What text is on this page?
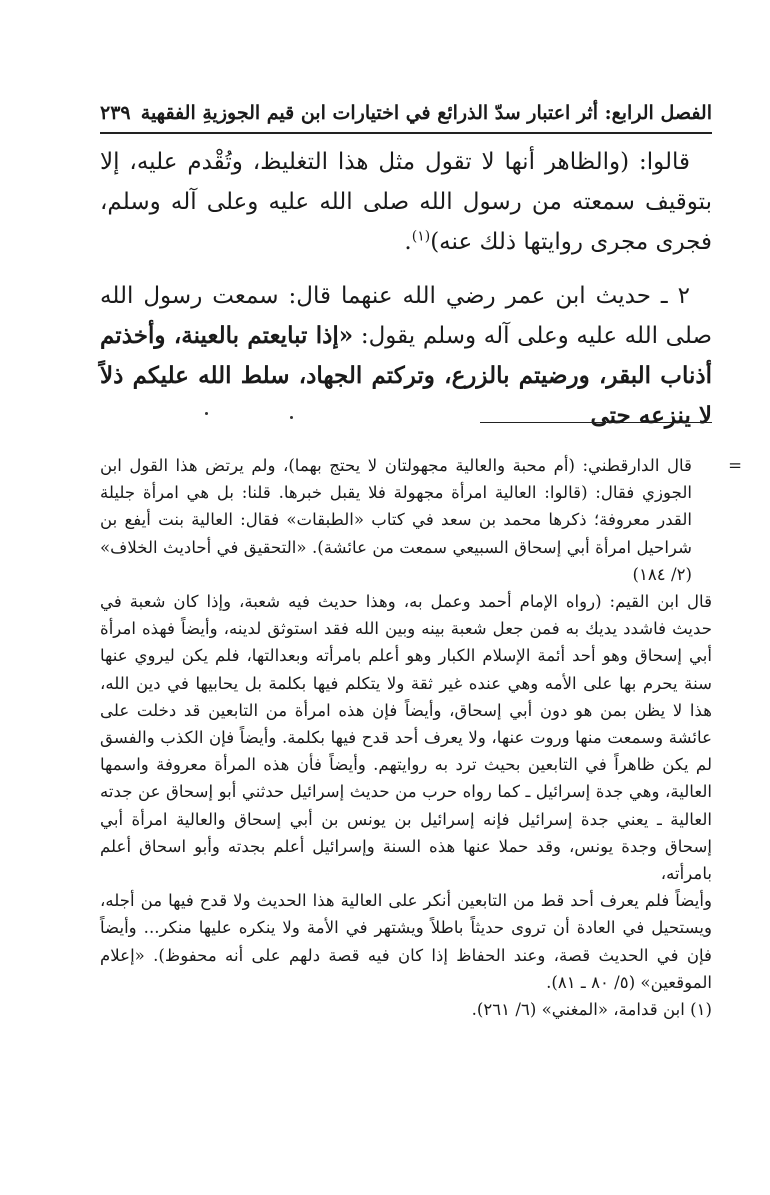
الفصل الرابع: أثر اعتبار سدّ الذرائع في اختيارات ابن قيم الجوزيةِ الفقهية
٢٣٩

قالوا: (والظاهر أنها لا تقول مثل هذا التغليظ، وتُقْدم عليه، إلا بتوقيف سمعته من رسول الله صلى الله عليه وعلى آله وسلم، فجرى مجرى روايتها ذلك عنه)$^{(١)}$.

٢ ـ حديث ابن عمر رضي الله عنهما قال: سمعت رسول الله صلى الله عليه وعلى آله وسلم يقول: «إذا تبايعتم بالعينة، وأخذتم أذناب البقر، ورضيتم بالزرع، وتركتم الجهاد، سلط الله عليكم ذلاً لا ينزعه حتى

=
قال الدارقطني: (أم محبة والعالية مجهولتان لا يحتج بهما)، ولم يرتض هذا القول ابن الجوزي فقال: (قالوا: العالية امرأة مجهولة فلا يقبل خبرها. قلنا: بل هي امرأة جليلة القدر معروفة؛ ذكرها محمد بن سعد في كتاب «الطبقات» فقال: العالية بنت أيفع بن شراحيل امرأة أبي إسحاق السبيعي سمعت من عائشة). «التحقيق في أحاديث الخلاف» (٢/ ١٨٤)

قال ابن القيم: (رواه الإمام أحمد وعمل به، وهذا حديث فيه شعبة، وإذا كان شعبة في حديث فاشدد يديك به فمن جعل شعبة بينه وبين الله فقد استوثق لدينه، وأيضاً فهذه امرأة أبي إسحاق وهو أحد أئمة الإسلام الكبار وهو أعلم بامرأته وبعدالتها، فلم يكن ليروي عنها سنة يحرم بها على الأمه وهي عنده غير ثقة ولا يتكلم فيها بكلمة بل يحابيها في دين الله، هذا لا يظن بمن هو دون أبي إسحاق، وأيضاً فإن هذه امرأة من التابعين قد دخلت على عائشة وسمعت منها وروت عنها، ولا يعرف أحد قدح فيها بكلمة. وأيضاً فإن الكذب والفسق لم يكن ظاهراً في التابعين بحيث ترد به روايتهم. وأيضاً فأن هذه المرأة معروفة واسمها العالية، وهي جدة إسرائيل ـ كما رواه حرب من حديث إسرائيل حدثني أبو إسحاق عن جدته العالية ـ يعني جدة إسرائيل فإنه إسرائيل بن يونس بن أبي إسحاق والعالية امرأة أبي إسحاق وجدة يونس، وقد حملا عنها هذه السنة وإسرائيل أعلم بجدته وأبو اسحاق أعلم بامرأته،

وأيضاً فلم يعرف أحد قط من التابعين أنكر على العالية هذا الحديث ولا قدح فيها من أجله، ويستحيل في العادة أن تروى حديثاً باطلاً ويشتهر في الأمة ولا ينكره عليها منكر... وأيضاً فإن في الحديث قصة، وعند الحفاظ إذا كان فيه قصة دلهم على أنه محفوظ). «إعلام الموقعين» (٥/ ٨٠ ـ ٨١).

(١) ابن قدامة، «المغني» (٦/ ٢٦١).
